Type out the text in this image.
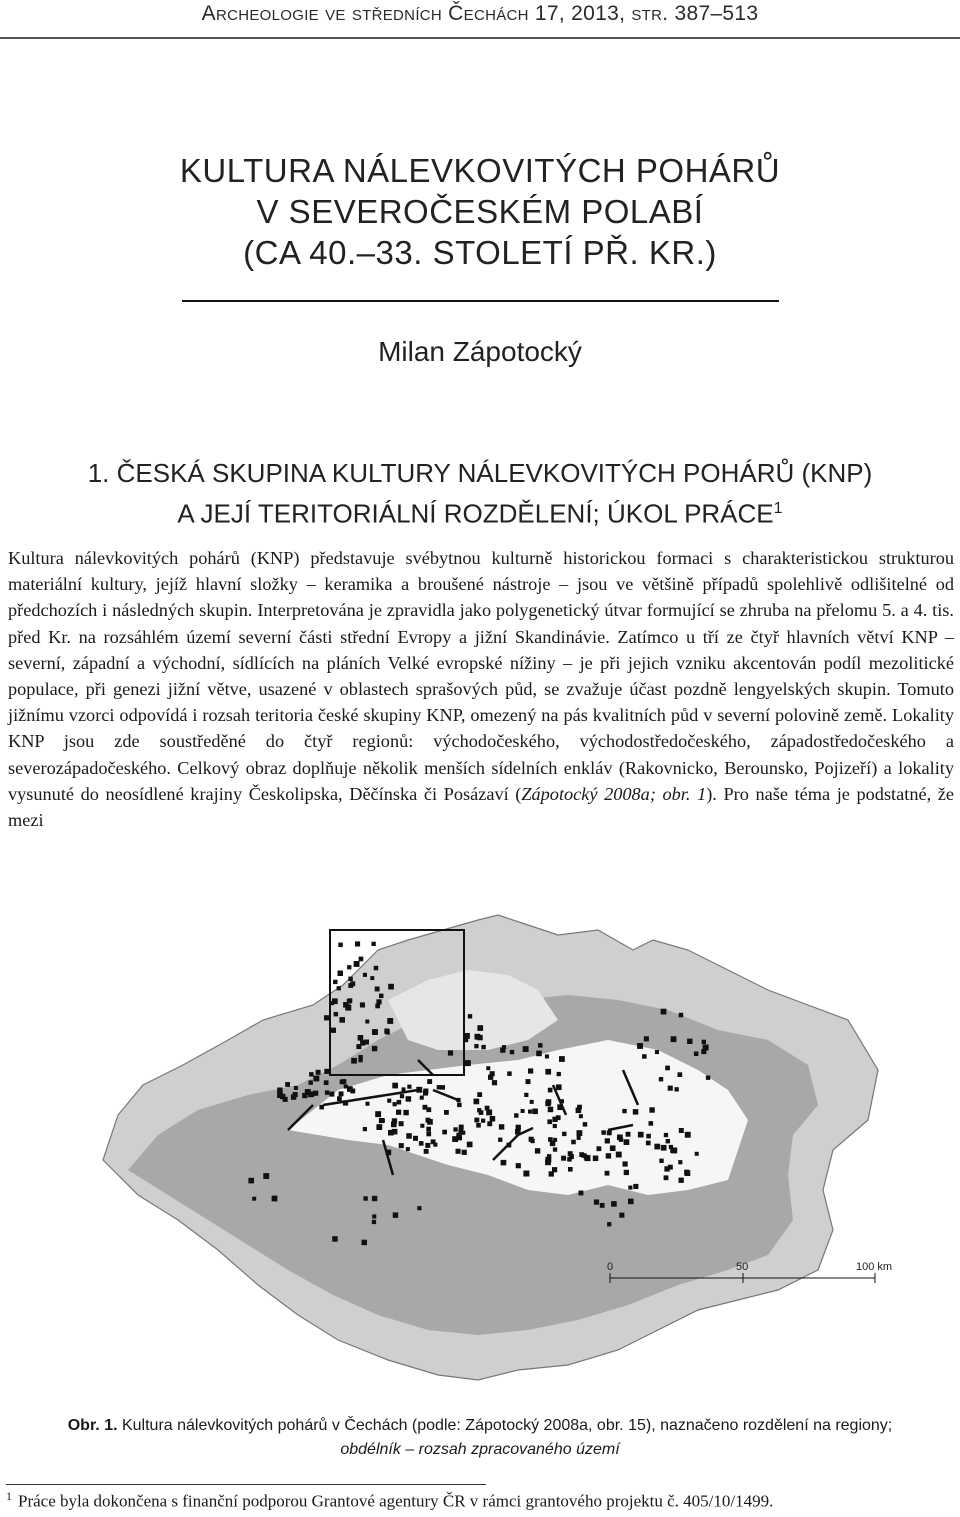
Archeologie ve středních Čechách 17, 2013, str. 387–513
KULTURA NÁLEVKOVITÝCH POHÁRŮ
V SEVEROČESKÉM POLABÍ
(CA 40.–33. STOLETÍ PŘ. KR.)
Milan Zápotocký
1. ČESKÁ SKUPINA KULTURY NÁLEVKOVITÝCH POHÁRŮ (KNP)
A JEJÍ TERITORIÁLNÍ ROZDĚLENÍ; ÚKOL PRÁCE$^1$

Kultura nálevkovitých pohárů (KNP) představuje svébytnou kulturně historickou formaci s charakteristickou strukturou materiální kultury, jejíž hlavní složky – keramika a broušené nástroje – jsou ve většině případů spolehlivě odlišitelné od předchozích i následných skupin. Interpretována je zpravidla jako polygenetický útvar formující se zhruba na přelomu 5. a 4. tis. před Kr. na rozsáhlém území severní části střední Evropy a jižní Skandinávie. Zatímco u tří ze čtyř hlavních větví KNP – severní, západní a východní, sídlících na pláních Velké evropské nížiny – je při jejich vzniku akcentován podíl mezolitické populace, při genezi jižní větve, usazené v oblastech sprašových půd, se zvažuje účast pozdně lengyelských skupin. Tomuto jižnímu vzorci odpovídá i rozsah teritoria české skupiny KNP, omezený na pás kvalitních půd v severní polovině země. Lokality KNP jsou zde soustředěné do čtyř regionů: východočeského, východostředočeského, západostředočeského a severozápadočeského. Celkový obraz doplňuje několik menších sídelních enkláv (Rakovnicko, Berounsko, Pojizeří) a lokality vysunuté do neosídlené krajiny Českolipska, Děčínska či Posázaví (Zápotocký 2008a; obr. 1). Pro naše téma je podstatné, že mezi

0	50	100 km
Obr. 1. Kultura nálevkovitých pohárů v Čechách (podle: Zápotocký 2008a, obr. 15), naznačeno rozdělení na regiony;
obdélník – rozsah zpracovaného území
$^1$ Práce byla dokončena s finanční podporou Grantové agentury ČR v rámci grantového projektu č. 405/10/1499.
